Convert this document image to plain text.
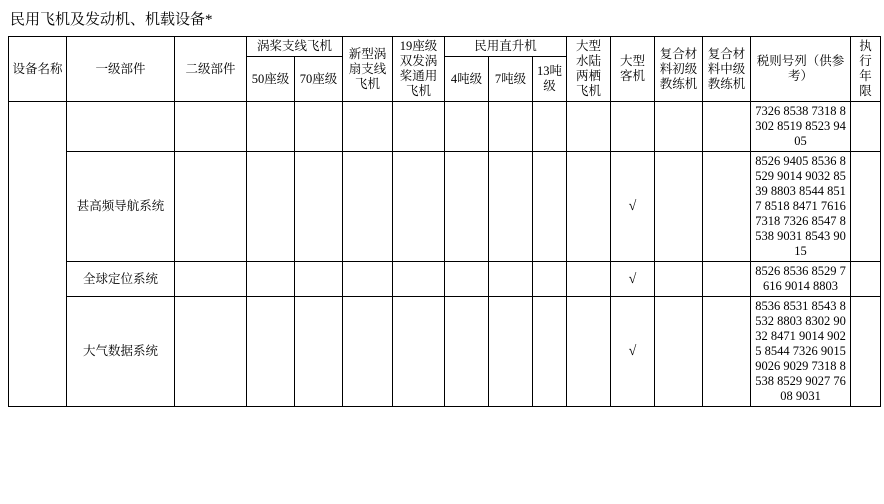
民用飞机及发动机、机载设备*
设备名称	一级部件	二级部件	涡桨支线飞机		新型涡扇支线飞机	19座级双发涡桨通用飞机	民用直升机			大型水陆两栖飞机	大型客机	复合材料初级教练机	复合材料中级教练机	税则号列（供参考）	执行年限
			50座级	70座级			4吨级	7吨级	13吨级						

														7326 8538 7318 8302 8519 8523 9405	
	甚高频导航系统										√			8526 9405 8536 8529 9014 9032 8539 8803 8544 8517 8518 8471 7616 7318 7326 8547 8538 9031 8543 9015	
	全球定位系统										√			8526 8536 8529 7616 9014 8803	
	大气数据系统										√			8536 8531 8543 8532 8803 8302 9032 8471 9014 9025 8544 7326 9015 9026 9029 7318 8538 8529 9027 7608 9031	
